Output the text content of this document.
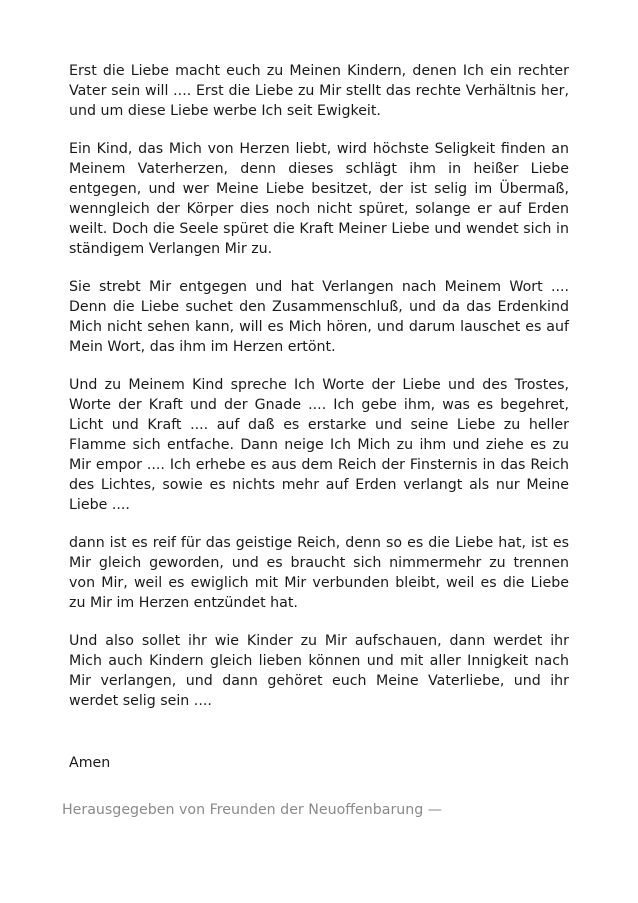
Erst die Liebe macht euch zu Meinen Kindern, denen Ich ein rechter Vater sein will .... Erst die Liebe zu Mir stellt das rechte Verhältnis her, und um diese Liebe werbe Ich seit Ewigkeit.

Ein Kind, das Mich von Herzen liebt, wird höchste Seligkeit finden an Meinem Vaterherzen, denn dieses schlägt ihm in heißer Liebe entgegen, und wer Meine Liebe besitzet, der ist selig im Übermaß, wenngleich der Körper dies noch nicht spüret, solange er auf Erden weilt. Doch die Seele spüret die Kraft Meiner Liebe und wendet sich in ständigem Verlangen Mir zu.

Sie strebt Mir entgegen und hat Verlangen nach Meinem Wort .... Denn die Liebe suchet den Zusammenschluß, und da das Erdenkind Mich nicht sehen kann, will es Mich hören, und darum lauschet es auf Mein Wort, das ihm im Herzen ertönt.

Und zu Meinem Kind spreche Ich Worte der Liebe und des Trostes, Worte der Kraft und der Gnade .... Ich gebe ihm, was es begehret, Licht und Kraft .... auf daß es erstarke und seine Liebe zu heller Flamme sich entfache. Dann neige Ich Mich zu ihm und ziehe es zu Mir empor .... Ich erhebe es aus dem Reich der Finsternis in das Reich des Lichtes, sowie es nichts mehr auf Erden verlangt als nur Meine Liebe ....

dann ist es reif für das geistige Reich, denn so es die Liebe hat, ist es Mir gleich geworden, und es braucht sich nimmermehr zu trennen von Mir, weil es ewiglich mit Mir verbunden bleibt, weil es die Liebe zu Mir im Herzen entzündet hat.

Und also sollet ihr wie Kinder zu Mir aufschauen, dann werdet ihr Mich auch Kindern gleich lieben können und mit aller Innigkeit nach Mir verlangen, und dann gehöret euch Meine Vaterliebe, und ihr werdet selig sein ....

Amen

Herausgegeben von Freunden der Neuoffenbarung —
